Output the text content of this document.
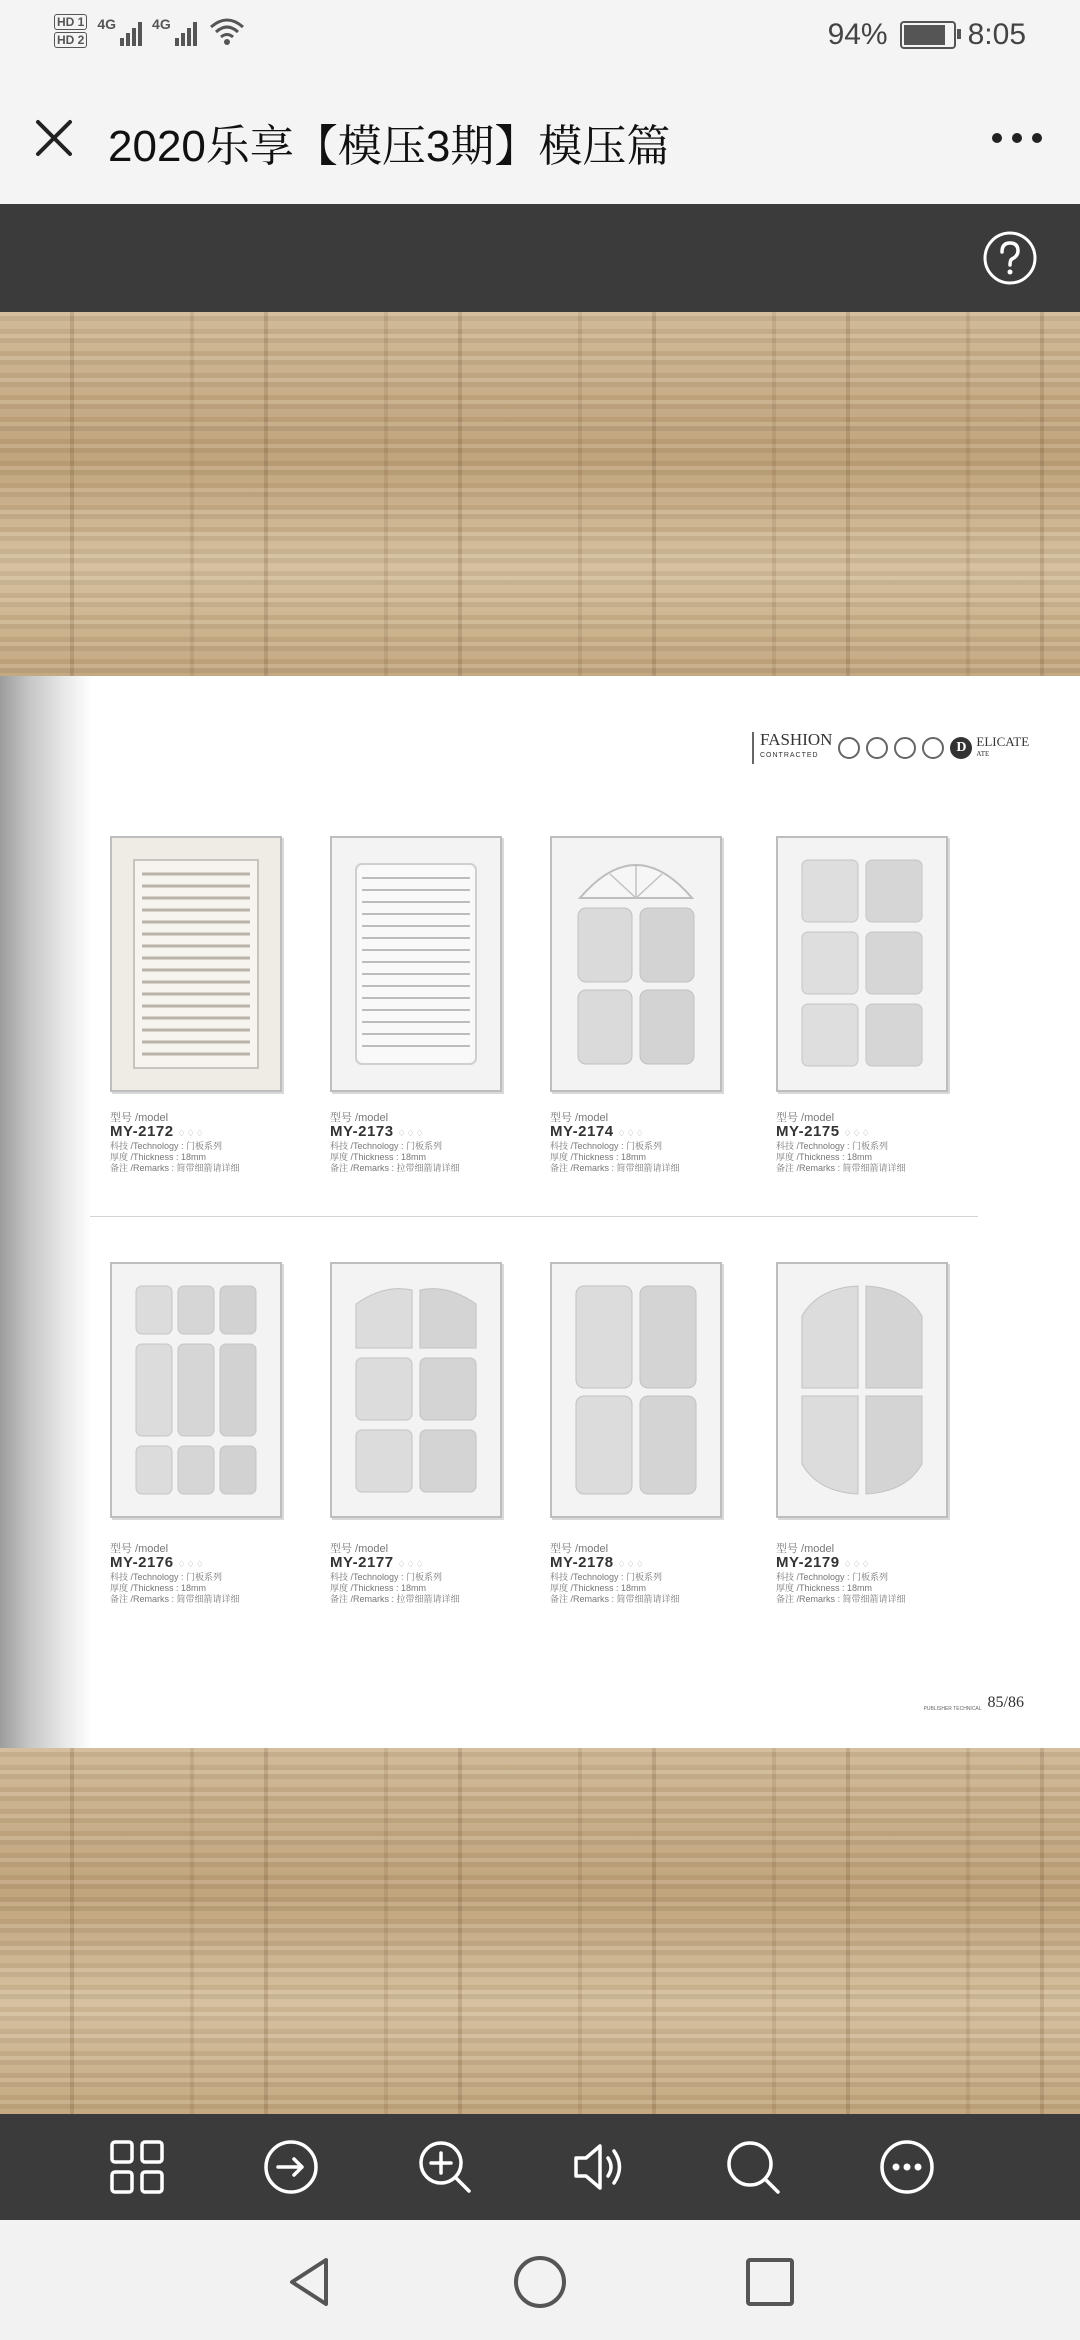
HD 1
HD 2
4G	4G	94%	8:05
2020乐享【模压3期】模压篇
FASHION
CONTRACTED
D ELICATE
ATE
型号 /model
MY-2172 ♢♢♢
科技 /Technology : 门板系列
厚度 /Thickness : 18mm
备注 /Remarks : 简带细箭请详细
型号 /model
MY-2173 ♢♢♢
科技 /Technology : 门板系列
厚度 /Thickness : 18mm
备注 /Remarks : 拉带细箭请详细
型号 /model
MY-2174 ♢♢♢
科技 /Technology : 门板系列
厚度 /Thickness : 18mm
备注 /Remarks : 简带细箭请详细
型号 /model
MY-2175 ♢♢♢
科技 /Technology : 门板系列
厚度 /Thickness : 18mm
备注 /Remarks : 简带细箭请详细
型号 /model
MY-2176 ♢♢♢
科技 /Technology : 门板系列
厚度 /Thickness : 18mm
备注 /Remarks : 简带细箭请详细
型号 /model
MY-2177 ♢♢♢
科技 /Technology : 门板系列
厚度 /Thickness : 18mm
备注 /Remarks : 拉带细箭请详细
型号 /model
MY-2178 ♢♢♢
科技 /Technology : 门板系列
厚度 /Thickness : 18mm
备注 /Remarks : 简带细箭请详细
型号 /model
MY-2179 ♢♢♢
科技 /Technology : 门板系列
厚度 /Thickness : 18mm
备注 /Remarks : 简带细箭请详细
PUBLISHER TECHNICAL 85/86
